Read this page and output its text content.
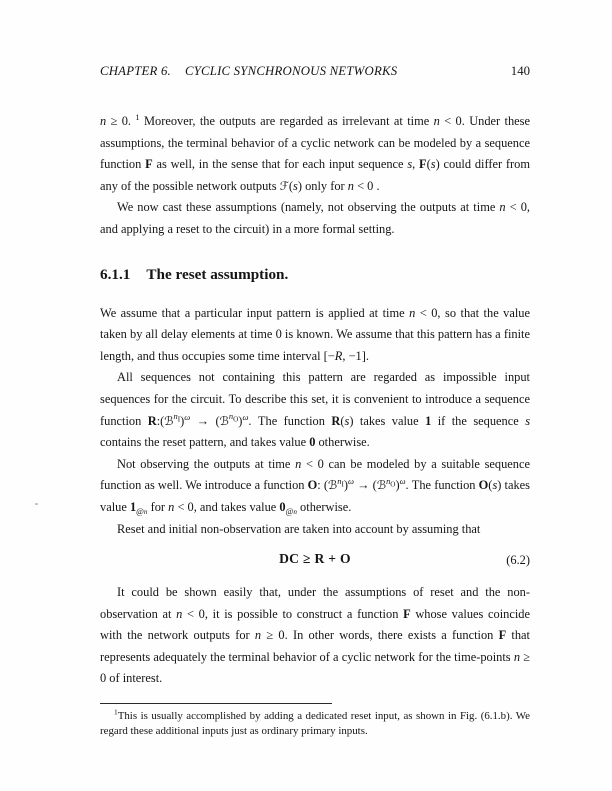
CHAPTER 6. CYCLIC SYNCHRONOUS NETWORKS	140

n ≥ 0. $^1$ Moreover, the outputs are regarded as irrelevant at time n < 0. Under these assumptions, the terminal behavior of a cyclic network can be modeled by a sequence function F as well, in the sense that for each input sequence s, F(s) could differ from any of the possible network outputs ℱ(s) only for n < 0 .

We now cast these assumptions (namely, not observing the outputs at time n < 0, and applying a reset to the circuit) in a more formal setting.

6.1.1 The reset assumption.

We assume that a particular input pattern is applied at time n < 0, so that the value taken by all delay elements at time 0 is known. We assume that this pattern has a finite length, and thus occupies some time interval [−R, −1].

All sequences not containing this pattern are regarded as impossible input sequences for the circuit. To describe this set, it is convenient to introduce a sequence function R:(ℬ$^{n_I}$)$^\omega$ → (ℬ$^{n_O}$)$^\omega$. The function R(s) takes value 1 if the sequence s contains the reset pattern, and takes value 0 otherwise.

Not observing the outputs at time n < 0 can be modeled by a suitable sequence function as well. We introduce a function O: (ℬ$^{n_I}$)$^\omega$ → (ℬ$^{n_O}$)$^\omega$. The function O(s) takes value $1_{@n}$ for n < 0, and takes value $0_{@n}$ otherwise.

Reset and initial non-observation are taken into account by assuming that

DC ≥ R + O	(6.2)

It could be shown easily that, under the assumptions of reset and the non-observation at n < 0, it is possible to construct a function F whose values coincide with the network outputs for n ≥ 0. In other words, there exists a function F that represents adequately the terminal behavior of a cyclic network for the time-points n ≥ 0 of interest.

$^1$This is usually accomplished by adding a dedicated reset input, as shown in Fig. (6.1.b). We regard these additional inputs just as ordinary primary inputs.
